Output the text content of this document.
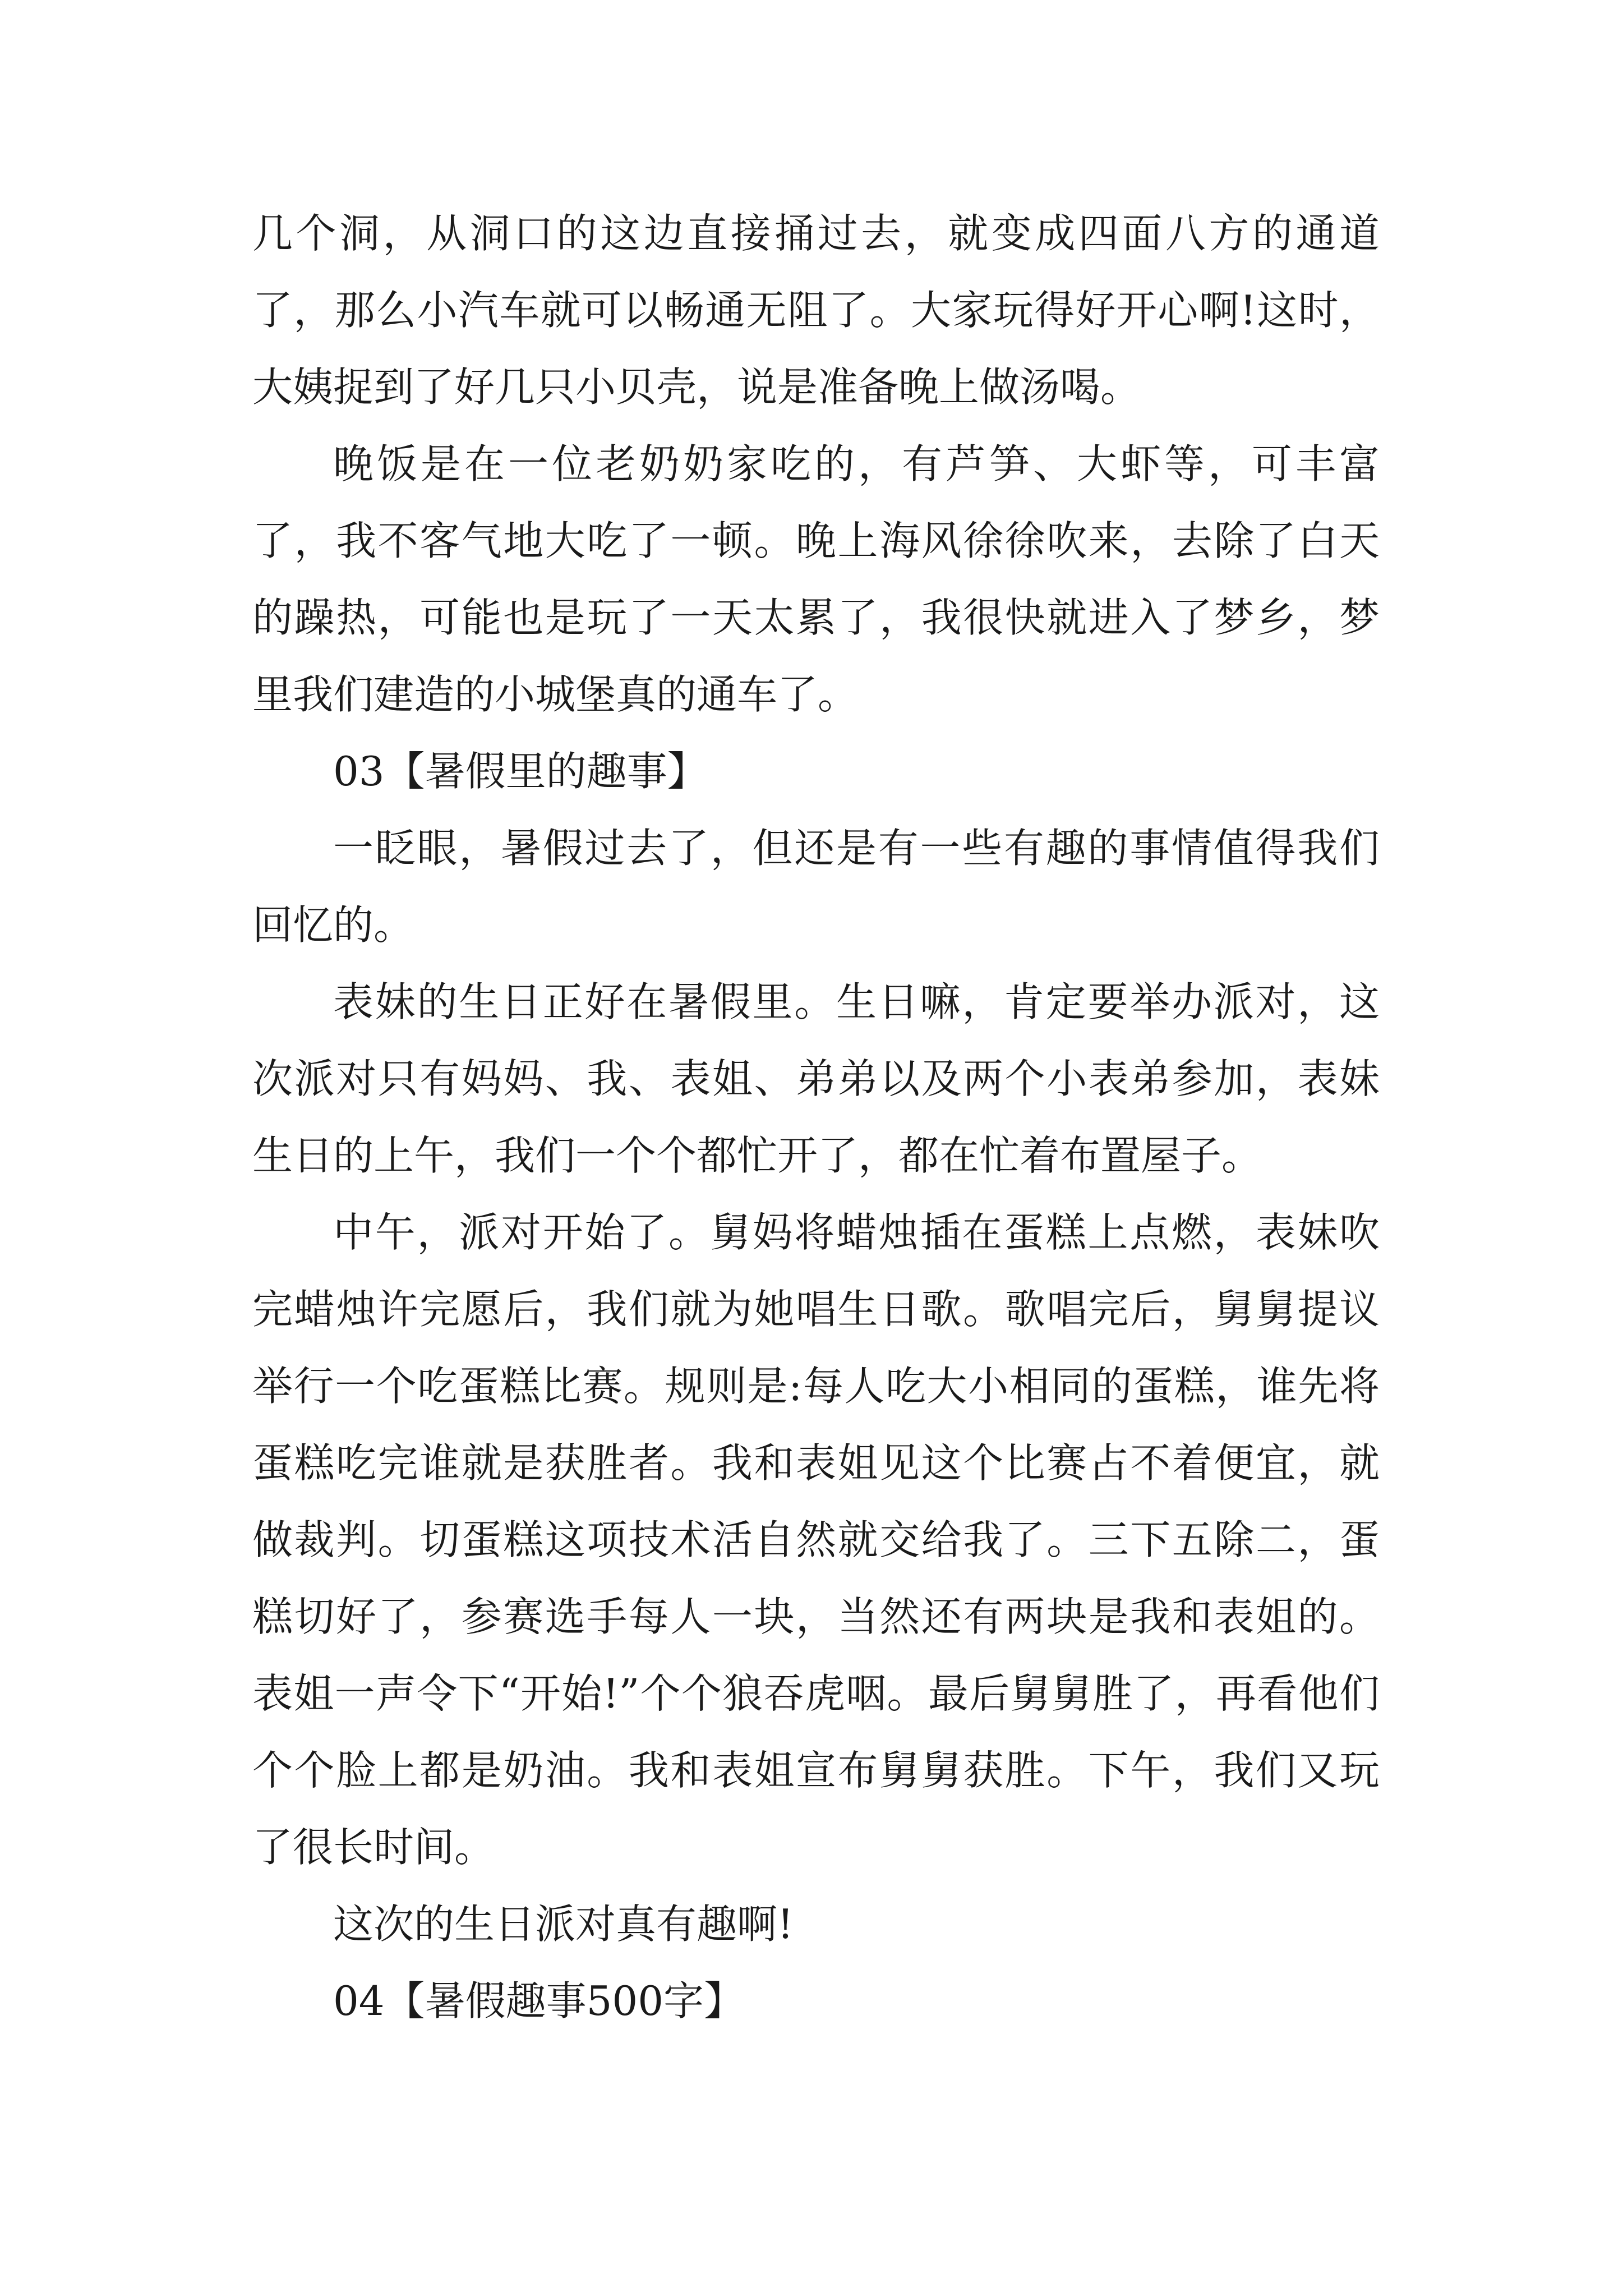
几个洞，从洞口的这边直接捅过去，就变成四面八方的通道了，那么小汽车就可以畅通无阻了。大家玩得好开心啊!这时，大姨捉到了好几只小贝壳，说是准备晚上做汤喝。

晚饭是在一位老奶奶家吃的，有芦笋、大虾等，可丰富了，我不客气地大吃了一顿。晚上海风徐徐吹来，去除了白天的躁热，可能也是玩了一天太累了，我很快就进入了梦乡，梦里我们建造的小城堡真的通车了。

03【暑假里的趣事】

一眨眼，暑假过去了，但还是有一些有趣的事情值得我们回忆的。

表妹的生日正好在暑假里。生日嘛，肯定要举办派对，这次派对只有妈妈、我、表姐、弟弟以及两个小表弟参加，表妹生日的上午，我们一个个都忙开了，都在忙着布置屋子。

中午，派对开始了。舅妈将蜡烛插在蛋糕上点燃，表妹吹完蜡烛许完愿后，我们就为她唱生日歌。歌唱完后，舅舅提议举行一个吃蛋糕比赛。规则是:每人吃大小相同的蛋糕，谁先将蛋糕吃完谁就是获胜者。我和表姐见这个比赛占不着便宜，就做裁判。切蛋糕这项技术活自然就交给我了。三下五除二，蛋糕切好了，参赛选手每人一块，当然还有两块是我和表姐的。表姐一声令下“开始!”个个狼吞虎咽。最后舅舅胜了，再看他们个个脸上都是奶油。我和表姐宣布舅舅获胜。下午，我们又玩了很长时间。

这次的生日派对真有趣啊!

04【暑假趣事500字】
